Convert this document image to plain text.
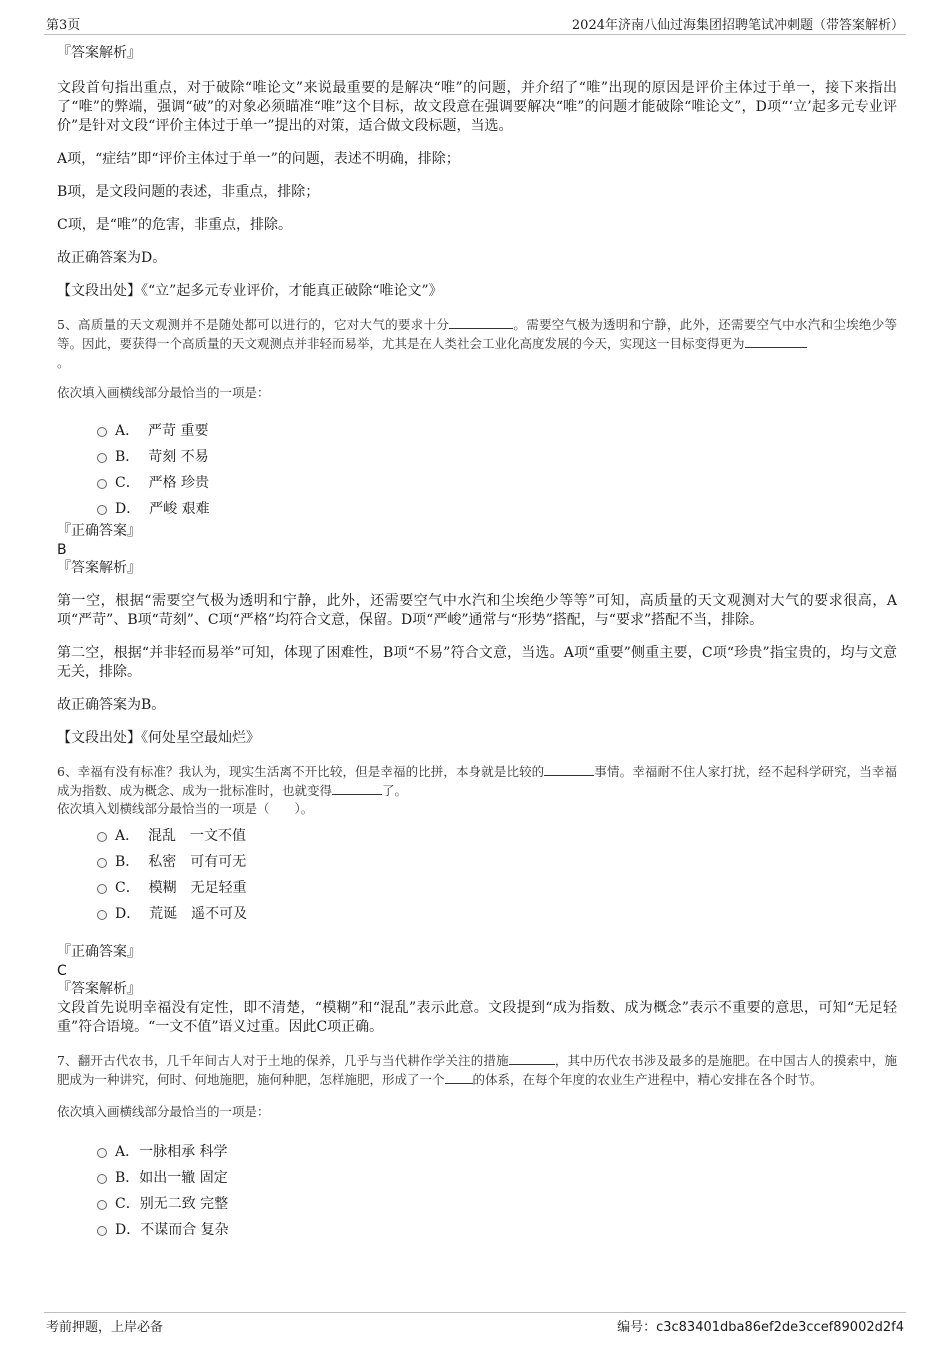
第3页	2024年济南八仙过海集团招聘笔试冲刺题（带答案解析）

『答案解析』

文段首句指出重点，对于破除“唯论文”来说最重要的是解决“唯”的问题，并介绍了“唯”出现的原因是评价主体过于单一，接下来指出了“唯”的弊端，强调“破”的对象必须瞄准“唯”这个目标，故文段意在强调要解决“唯”的问题才能破除“唯论文”，D项“‘立’起多元专业评价”是针对文段“评价主体过于单一”提出的对策，适合做文段标题，当选。

A项，“症结”即“评价主体过于单一”的问题，表述不明确，排除；

B项，是文段问题的表述，非重点，排除；

C项，是“唯”的危害，非重点，排除。

故正确答案为D。

【文段出处】《“立”起多元专业评价，才能真正破除“唯论文”》

5、高质量的天文观测并不是随处都可以进行的，它对大气的要求十分	。需要空气极为透明和宁静，此外，还需要空气中水汽和尘埃绝少等等。因此，要获得一个高质量的天文观测点并非轻而易举，尤其是在人类社会工业化高度发展的今天，实现这一目标变得更为
。

依次填入画横线部分最恰当的一项是：

A．  严苛 重要
B．  苛刻 不易
C．  严格 珍贵
D．  严峻 艰难

『正确答案』

B

『答案解析』

第一空，根据“需要空气极为透明和宁静，此外，还需要空气中水汽和尘埃绝少等等”可知，高质量的天文观测对大气的要求很高，A项“严苛”、B项“苛刻”、C项“严格”均符合文意，保留。D项“严峻”通常与“形势”搭配，与“要求”搭配不当，排除。

第二空，根据“并非轻而易举”可知，体现了困难性，B项“不易”符合文意，当选。A项“重要”侧重主要，C项“珍贵”指宝贵的，均与文意无关，排除。

故正确答案为B。

【文段出处】《何处星空最灿烂》

6、幸福有没有标准？我认为，现实生活离不开比较，但是幸福的比拼，本身就是比较的	事情。幸福耐不住人家打扰，经不起科学研究，当幸福成为指数、成为概念、成为一批标准时，也就变得	了。

依次填入划横线部分最恰当的一项是（　　）。

A．  混乱　一文不值
B．  私密　可有可无
C．  模糊　无足轻重
D．  荒诞　遥不可及

『正确答案』

C

『答案解析』

文段首先说明幸福没有定性，即不清楚，“模糊”和“混乱”表示此意。文段提到“成为指数、成为概念”表示不重要的意思，可知“无足轻重”符合语境。“一文不值”语义过重。因此C项正确。

7、翻开古代农书，几千年间古人对于土地的保养，几乎与当代耕作学关注的措施	，其中历代农书涉及最多的是施肥。在中国古人的摸索中，施肥成为一种讲究，何时、何地施肥，施何种肥，怎样施肥，形成了一个 的体系，在每个年度的农业生产进程中，精心安排在各个时节。

依次填入画横线部分最恰当的一项是：

A．一脉相承 科学
B．如出一辙 固定
C．别无二致 完整
D．不谋而合 复杂
考前押题，上岸必备	编号：c3c83401dba86ef2de3ccef89002d2f4
